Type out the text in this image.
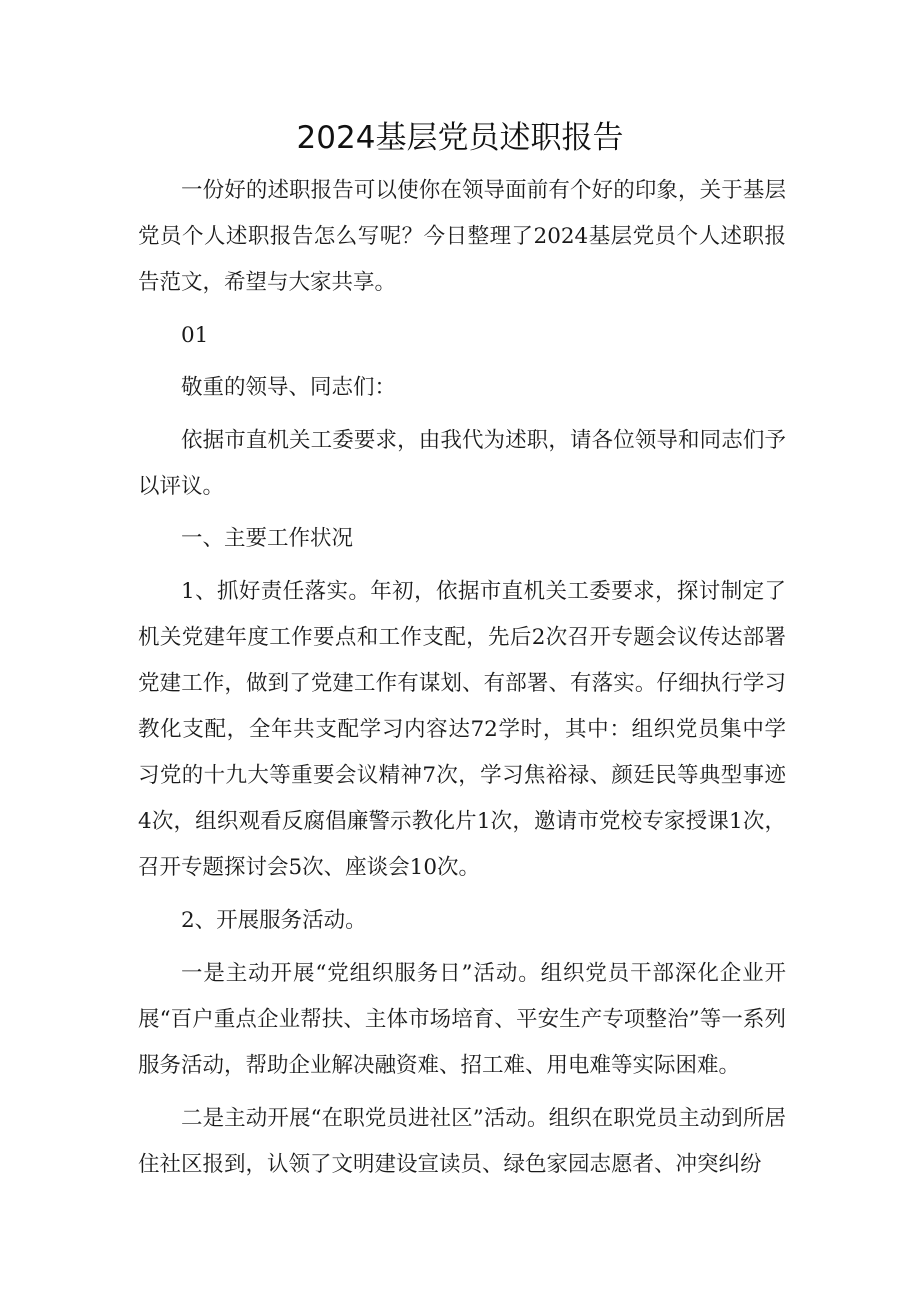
2024基层党员述职报告

一份好的述职报告可以使你在领导面前有个好的印象，关于基层党员个人述职报告怎么写呢？今日整理了2024基层党员个人述职报告范文，希望与大家共享。

01

敬重的领导、同志们：

依据市直机关工委要求，由我代为述职，请各位领导和同志们予以评议。

一、主要工作状况

1、抓好责任落实。年初，依据市直机关工委要求，探讨制定了机关党建年度工作要点和工作支配，先后2次召开专题会议传达部署党建工作，做到了党建工作有谋划、有部署、有落实。仔细执行学习教化支配，全年共支配学习内容达72学时，其中：组织党员集中学习党的十九大等重要会议精神7次，学习焦裕禄、颜廷民等典型事迹4次，组织观看反腐倡廉警示教化片1次，邀请市党校专家授课1次，召开专题探讨会5次、座谈会10次。

2、开展服务活动。

一是主动开展“党组织服务日”活动。组织党员干部深化企业开展“百户重点企业帮扶、主体市场培育、平安生产专项整治”等一系列服务活动，帮助企业解决融资难、招工难、用电难等实际困难。

二是主动开展“在职党员进社区”活动。组织在职党员主动到所居住社区报到，认领了文明建设宣读员、绿色家园志愿者、冲突纠纷
